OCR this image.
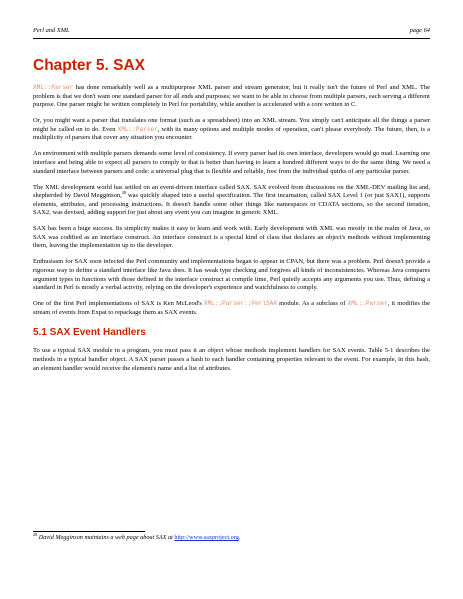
Perl and XML	page 64
Chapter 5. SAX

XML::Parser has done remarkably well as a multipurpose XML parser and stream generator, but it really isn't the future of Perl and XML. The problem is that we don't want one standard parser for all ends and purposes; we want to be able to choose from multiple parsers, each serving a different purpose. One parser might be written completely in Perl for portability, while another is accelerated with a core written in C.

Or, you might want a parser that translates one format (such as a spreadsheet) into an XML stream. You simply can't anticipate all the things a parser might be called on to do. Even XML::Parser, with its many options and multiple modes of operation, can't please everybody. The future, then, is a multiplicity of parsers that cover any situation you encounter.

An environment with multiple parsers demands some level of consistency. If every parser had its own interface, developers would go mad. Learning one interface and being able to expect all parsers to comply to that is better than having to learn a hundred different ways to do the same thing. We need a standard interface between parsers and code: a universal plug that is flexible and reliable, free from the individual quirks of any particular parser.

The XML development world has settled on an event-driven interface called SAX. SAX evolved from discussions on the XML-DEV mailing list and, shepherded by David Megginson,$^{28}$ was quickly shaped into a useful specification. The first incarnation, called SAX Level 1 (or just SAX1), supports elements, attributes, and processing instructions. It doesn't handle some other things like namespaces or CDATA sections, so the second iteration, SAX2, was devised, adding support for just about any event you can imagine in generic XML.

SAX has been a huge success. Its simplicity makes it easy to learn and work with. Early development with XML was mostly in the realm of Java, so SAX was codified as an interface construct. An interface construct is a special kind of class that declares an object's methods without implementing them, leaving the implementation up to the developer.

Enthusiasm for SAX soon infected the Perl community and implementations began to appear in CPAN, but there was a problem. Perl doesn't provide a rigorous way to define a standard interface like Java does. It has weak type checking and forgives all kinds of inconsistencies. Whereas Java compares argument types in functions with those defined in the interface construct at compile time, Perl quietly accepts any arguments you use. Thus, defining a standard in Perl is mostly a verbal activity, relying on the developer's experience and watchfulness to comply.

One of the first Perl implementations of SAX is Ken McLeod's XML::Parser::PerlSAX module. As a subclass of XML::Parser, it modifies the stream of events from Expat to repackage them as SAX events.

5.1 SAX Event Handlers

To use a typical SAX module in a program, you must pass it an object whose methods implement handlers for SAX events. Table 5-1 describes the methods in a typical handler object. A SAX parser passes a hash to each handler containing properties relevant to the event. For example, in this hash, an element handler would receive the element's name and a list of attributes.

$^{28}$ David Megginson maintains a web page about SAX at http://www.saxproject.org.
